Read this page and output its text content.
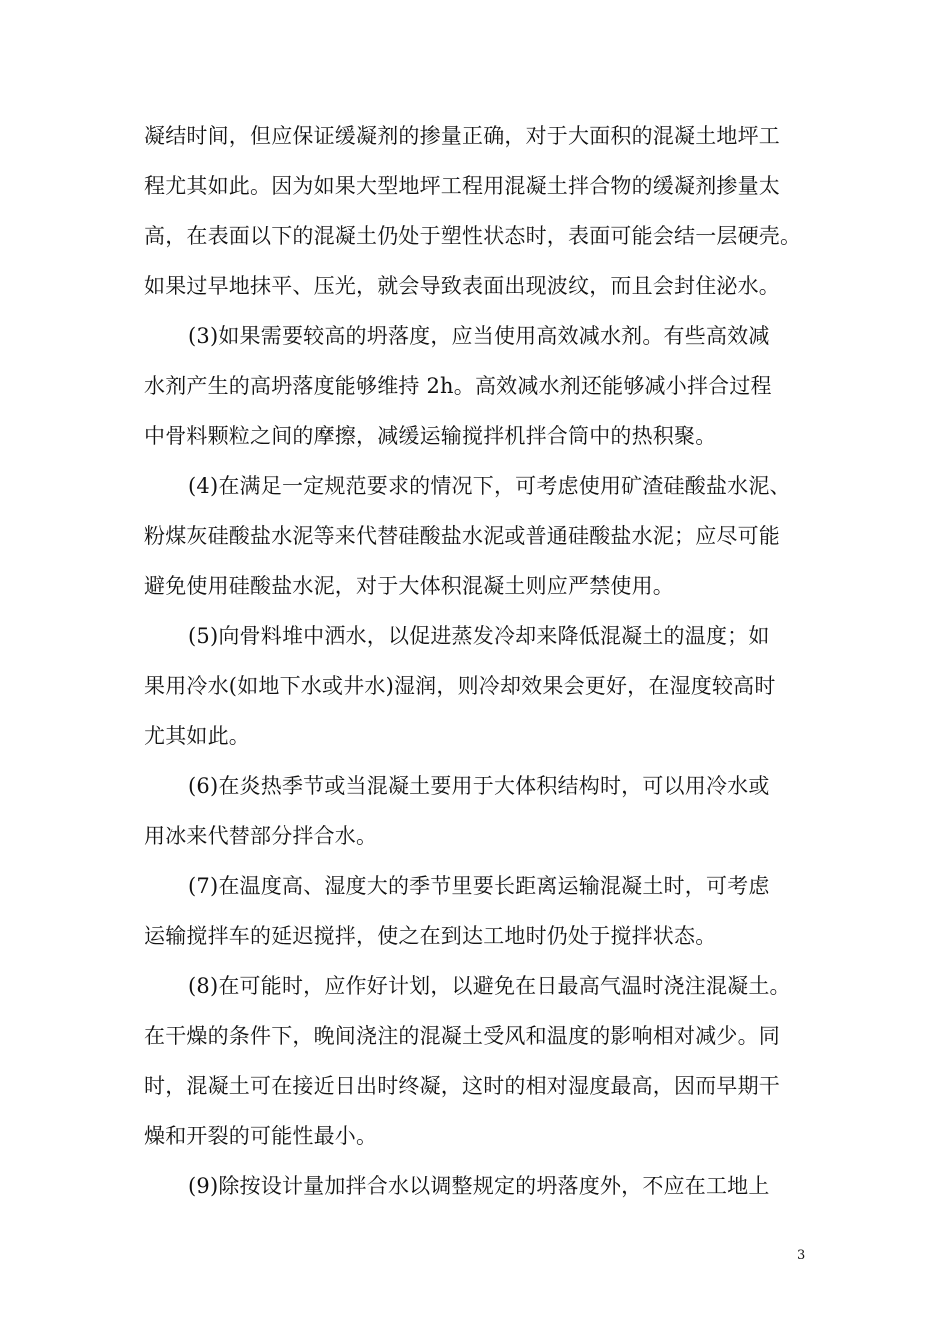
凝结时间，但应保证缓凝剂的掺量正确，对于大面积的混凝土地坪工
程尤其如此。因为如果大型地坪工程用混凝土拌合物的缓凝剂掺量太
高，在表面以下的混凝土仍处于塑性状态时，表面可能会结一层硬壳。
如果过早地抹平、压光，就会导致表面出现波纹，而且会封住泌水。
(3)如果需要较高的坍落度，应当使用高效减水剂。有些高效减
水剂产生的高坍落度能够维持 2h。高效减水剂还能够减小拌合过程
中骨料颗粒之间的摩擦，减缓运输搅拌机拌合筒中的热积聚。
(4)在满足一定规范要求的情况下，可考虑使用矿渣硅酸盐水泥、
粉煤灰硅酸盐水泥等来代替硅酸盐水泥或普通硅酸盐水泥；应尽可能
避免使用硅酸盐水泥，对于大体积混凝土则应严禁使用。
(5)向骨料堆中洒水，以促进蒸发冷却来降低混凝土的温度；如
果用冷水(如地下水或井水)湿润，则冷却效果会更好，在湿度较高时
尤其如此。
(6)在炎热季节或当混凝土要用于大体积结构时，可以用冷水或
用冰来代替部分拌合水。
(7)在温度高、湿度大的季节里要长距离运输混凝土时，可考虑
运输搅拌车的延迟搅拌，使之在到达工地时仍处于搅拌状态。
(8)在可能时，应作好计划，以避免在日最高气温时浇注混凝土。
在干燥的条件下，晚间浇注的混凝土受风和温度的影响相对减少。同
时，混凝土可在接近日出时终凝，这时的相对湿度最高，因而早期干
燥和开裂的可能性最小。
(9)除按设计量加拌合水以调整规定的坍落度外，不应在工地上
3
